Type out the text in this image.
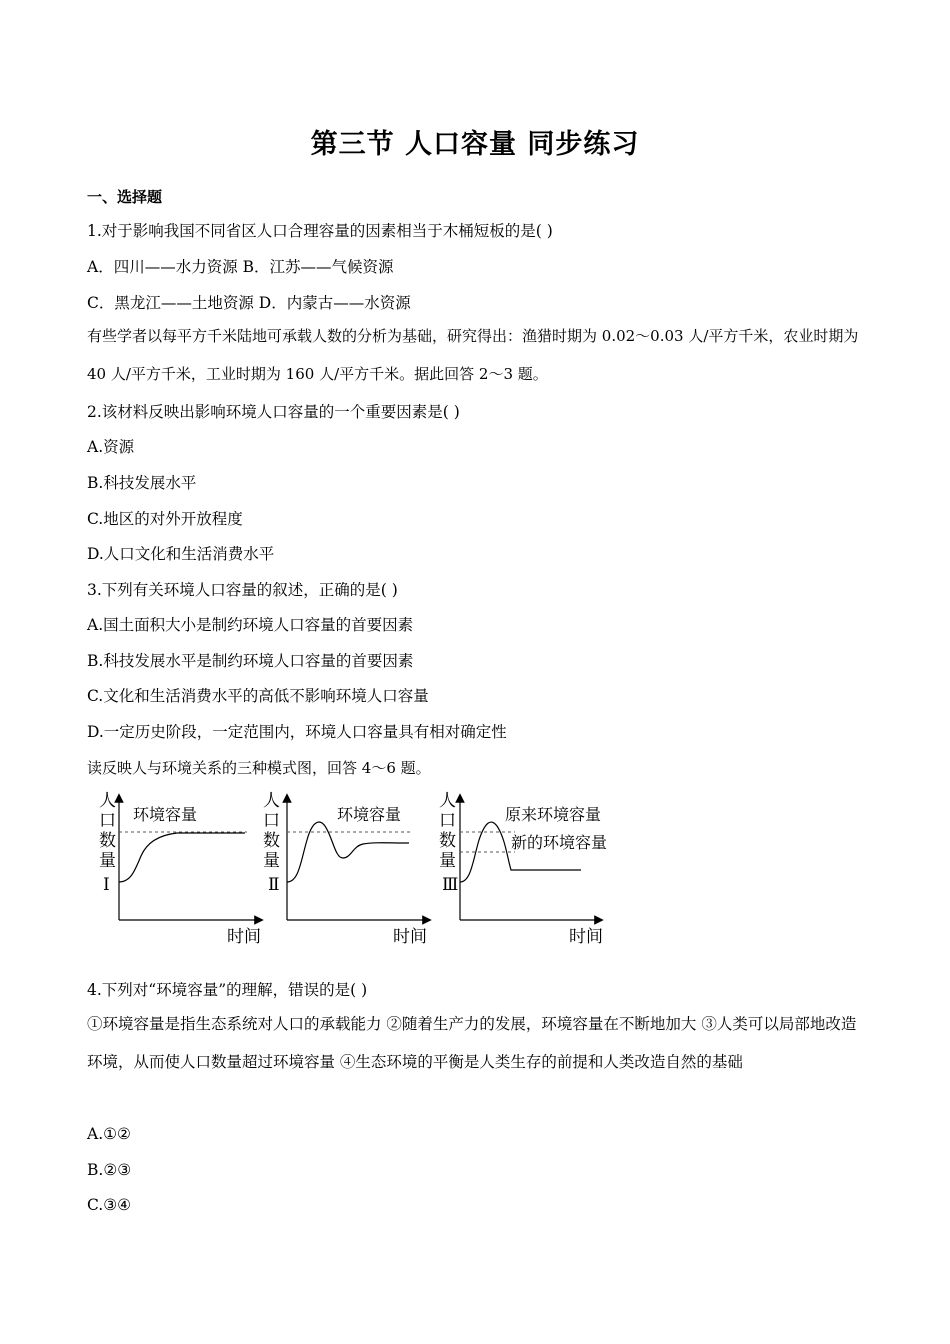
第三节 人口容量 同步练习
一、选择题
1.对于影响我国不同省区人口合理容量的因素相当于木桶短板的是( )
A．四川——水力资源 B．江苏——气候资源
C．黑龙江——土地资源 D．内蒙古——水资源
有些学者以每平方千米陆地可承载人数的分析为基础，研究得出：渔猎时期为 0.02～0.03 人/平方千米，农业时期为 40 人/平方千米，工业时期为 160 人/平方千米。据此回答 2～3 题。
2.该材料反映出影响环境人口容量的一个重要因素是( )
A.资源
B.科技发展水平
C.地区的对外开放程度
D.人口文化和生活消费水平
3.下列有关环境人口容量的叙述，正确的是( )
A.国土面积大小是制约环境人口容量的首要因素
B.科技发展水平是制约环境人口容量的首要因素
C.文化和生活消费水平的高低不影响环境人口容量
D.一定历史阶段，一定范围内，环境人口容量具有相对确定性
读反映人与环境关系的三种模式图，回答 4～6 题。
人
口
数
量
Ⅰ
环境容量
时间
人
口
数
量
Ⅱ
环境容量
时间
人
口
数
量
Ⅲ
原来环境容量
新的环境容量
时间
4.下列对“环境容量”的理解，错误的是( )
①环境容量是指生态系统对人口的承载能力 ②随着生产力的发展，环境容量在不断地加大 ③人类可以局部地改造环境，从而使人口数量超过环境容量 ④生态环境的平衡是人类生存的前提和人类改造自然的基础
A.①②
B.②③
C.③④
